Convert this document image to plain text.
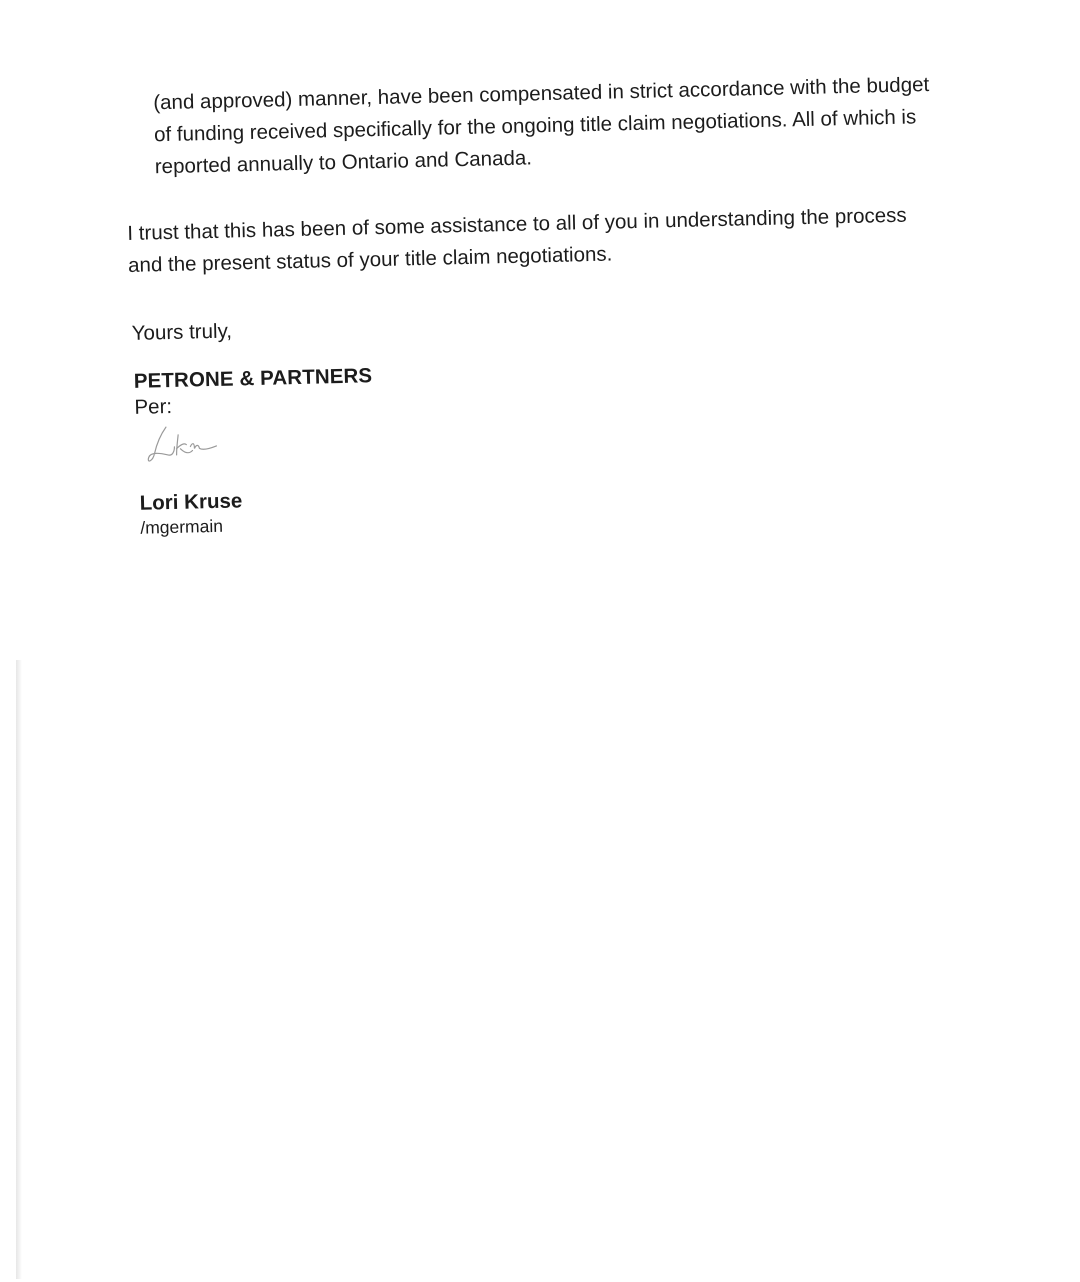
(and approved) manner, have been compensated in strict accordance with the budget
of funding received specifically for the ongoing title claim negotiations. All of which is
reported annually to Ontario and Canada.

I trust that this has been of some assistance to all of you in understanding the process
and the present status of your title claim negotiations.

Yours truly,
PETRONE & PARTNERS
Per:
Lori Kruse
/mgermain
